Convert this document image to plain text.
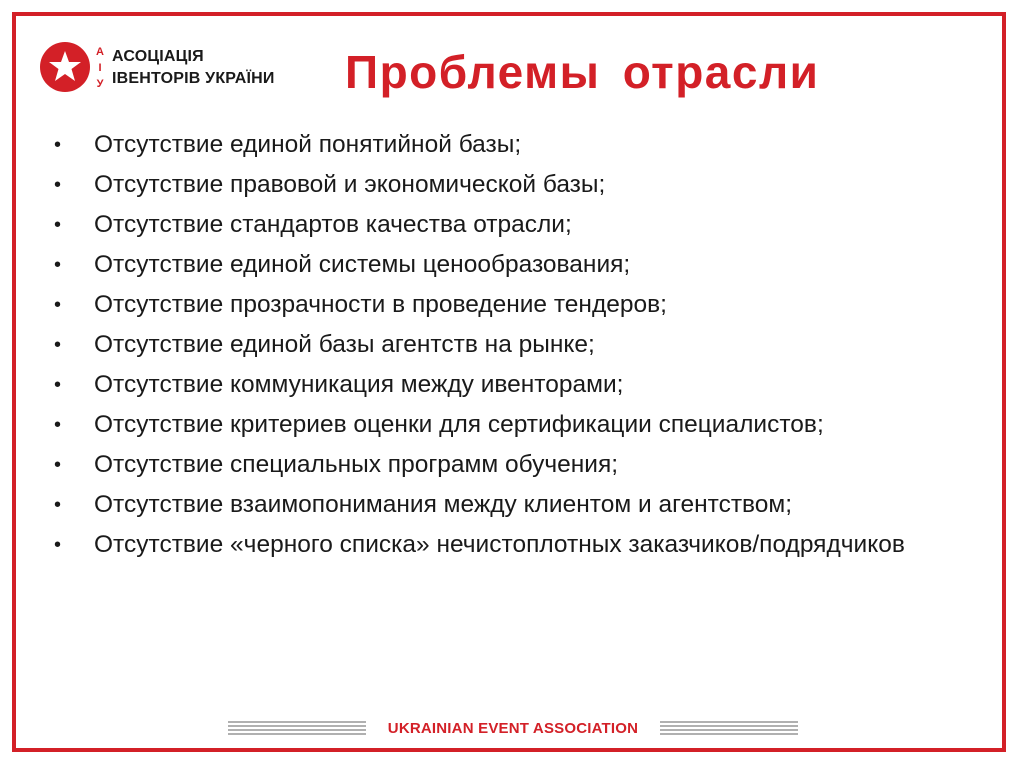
А
І
У
АСОЦІАЦІЯ
ІВЕНТОРІВ УКРАЇНИ Проблемы отрасли
• Отсутствие единой понятийной базы;
• Отсутствие правовой и экономической базы;
• Отсутствие стандартов качества отрасли;
• Отсутствие единой системы ценообразования;
• Отсутствие прозрачности в проведение тендеров;
• Отсутствие единой базы агентств на рынке;
• Отсутствие коммуникация между ивенторами;
• Отсутствие критериев оценки для сертификации специалистов;
• Отсутствие специальных программ обучения;
• Отсутствие взаимопонимания между клиентом и агентством;
• Отсутствие «черного списка» нечистоплотных заказчиков/подрядчиков
UKRAINIAN EVENT ASSOCIATION
